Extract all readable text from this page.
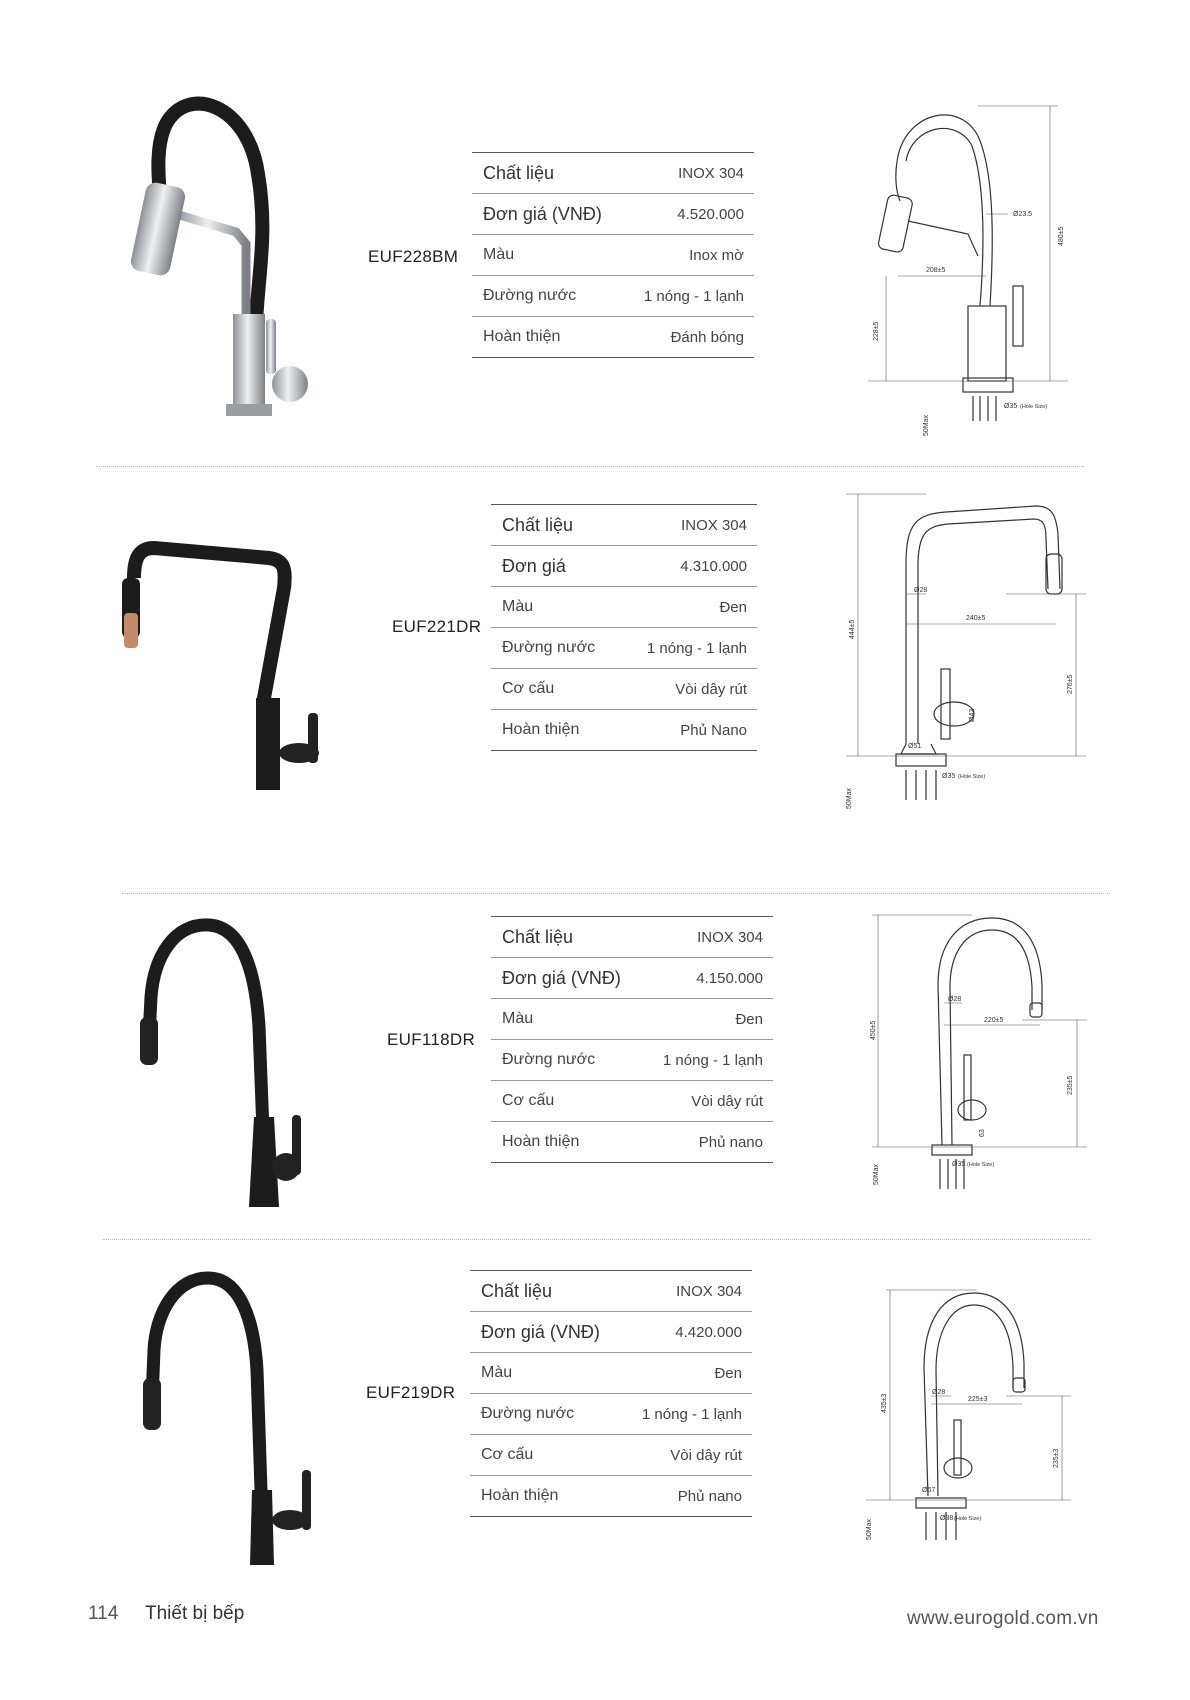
EUF228BM
Chất liệu	INOX 304
Đơn giá (VNĐ)	4.520.000
Màu	Inox mờ
Đường nước	1 nóng - 1 lạnh
Hoàn thiện	Đánh bóng
Ø23.5
208±5
228±5
480±5
50Max
Ø35 (Hole Size)
EUF221DR
Chất liệu	INOX 304
Đơn giá	4.310.000
Màu	Đen
Đường nước	1 nóng - 1 lạnh
Cơ cấu	Vòi dây rút
Hoàn thiện	Phủ Nano
Ø28
240±5
444±5
276±5
Ø42
Ø51
Ø35 (Hole Size)
50Max
EUF118DR
Chất liệu	INOX 304
Đơn giá (VNĐ)	4.150.000
Màu	Đen
Đường nước	1 nóng - 1 lạnh
Cơ cấu	Vòi dây rút
Hoàn thiện	Phủ nano
Ø28
220±5
450±5
235±5
63
Ø35 (Hole Size)
50Max
EUF219DR
Chất liệu	INOX 304
Đơn giá (VNĐ)	4.420.000
Màu	Đen
Đường nước	1 nóng - 1 lạnh
Cơ cấu	Vòi dây rút
Hoàn thiện	Phủ nano
Ø28
225±3
435±3
235±3
Ø57
Ø38 (Hole Size)
50Max
114 Thiết bị bếp	www.eurogold.com.vn
